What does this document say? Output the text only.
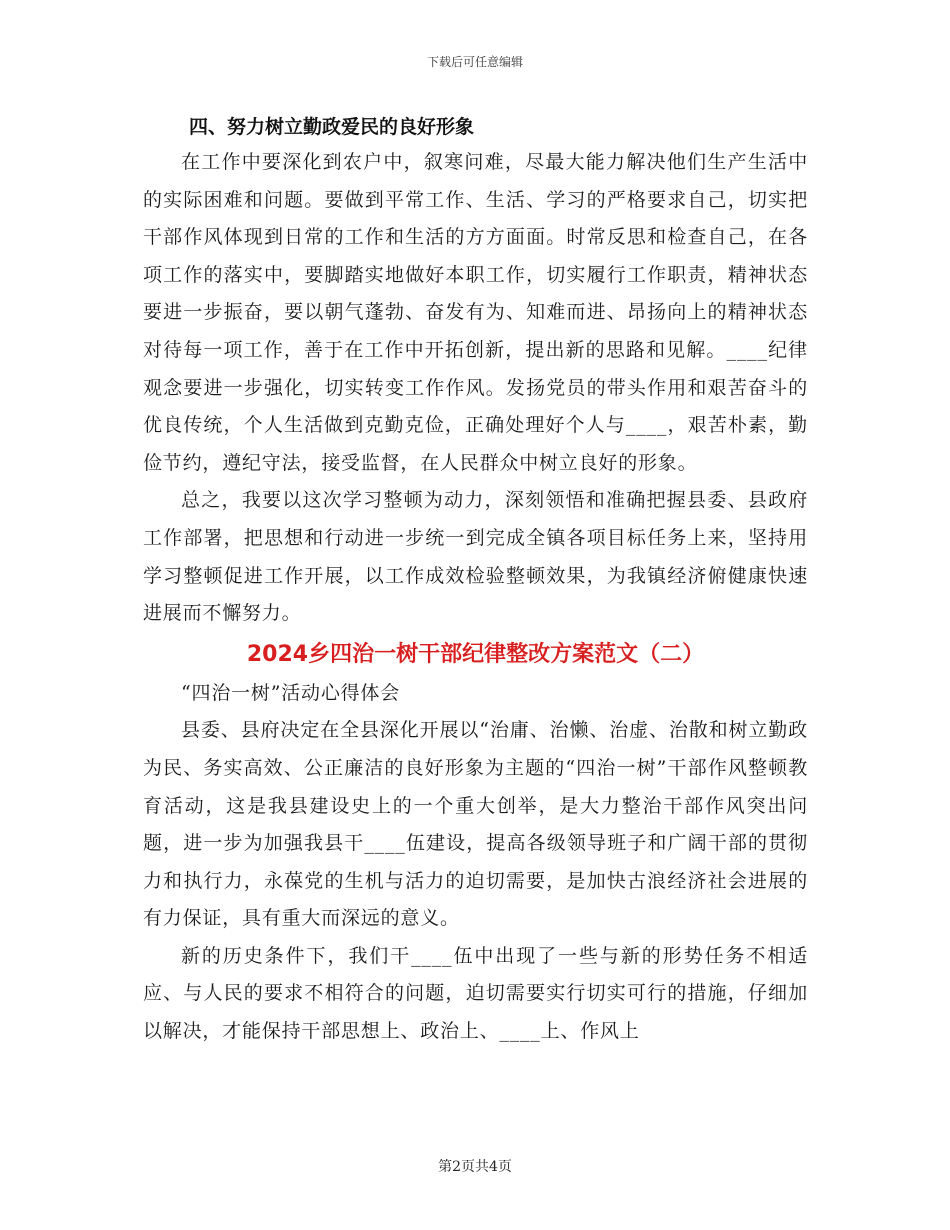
下载后可任意编辑
四、努力树立勤政爱民的良好形象

在工作中要深化到农户中，叙寒问难，尽最大能力解决他们生产生活中的实际困难和问题。要做到平常工作、生活、学习的严格要求自己，切实把干部作风体现到日常的工作和生活的方方面面。时常反思和检查自己，在各项工作的落实中，要脚踏实地做好本职工作，切实履行工作职责，精神状态要进一步振奋，要以朝气蓬勃、奋发有为、知难而进、昂扬向上的精神状态对待每一项工作，善于在工作中开拓创新，提出新的思路和见解。____纪律观念要进一步强化，切实转变工作作风。发扬党员的带头作用和艰苦奋斗的优良传统，个人生活做到克勤克俭，正确处理好个人与____，艰苦朴素，勤俭节约，遵纪守法，接受监督，在人民群众中树立良好的形象。

总之，我要以这次学习整顿为动力，深刻领悟和准确把握县委、县政府工作部署，把思想和行动进一步统一到完成全镇各项目标任务上来，坚持用学习整顿促进工作开展，以工作成效检验整顿效果，为我镇经济俯健康快速进展而不懈努力。

2024乡四治一树干部纪律整改方案范文（二）

“四治一树”活动心得体会

县委、县府决定在全县深化开展以“治庸、治懒、治虚、治散和树立勤政为民、务实高效、公正廉洁的良好形象为主题的“四治一树”干部作风整顿教育活动，这是我县建设史上的一个重大创举，是大力整治干部作风突出问题，进一步为加强我县干____伍建设，提高各级领导班子和广阔干部的贯彻力和执行力，永葆党的生机与活力的迫切需要，是加快古浪经济社会进展的有力保证，具有重大而深远的意义。

新的历史条件下，我们干____伍中出现了一些与新的形势任务不相适应、与人民的要求不相符合的问题，迫切需要实行切实可行的措施，仔细加以解决，才能保持干部思想上、政治上、____上、作风上

第2页共4页
